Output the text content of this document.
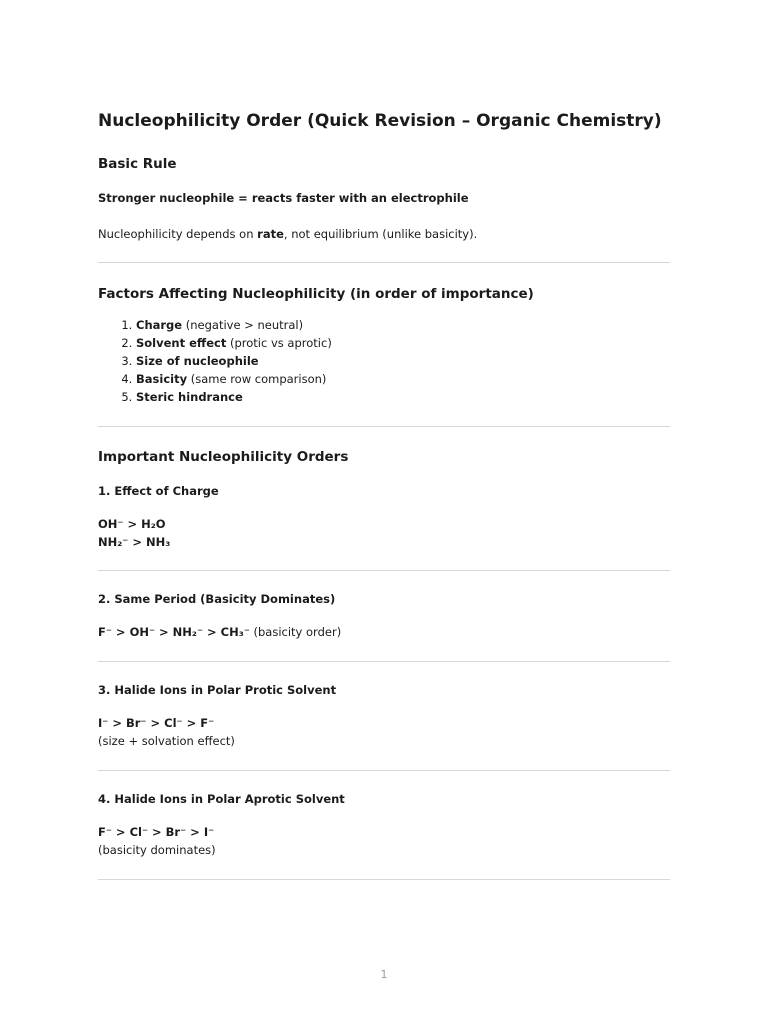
Nucleophilicity Order (Quick Revision – Organic Chemistry)
Basic Rule

Stronger nucleophile = reacts faster with an electrophile

Nucleophilicity depends on rate, not equilibrium (unlike basicity).

Factors Affecting Nucleophilicity (in order of importance)
1. Charge (negative > neutral)
2. Solvent effect (protic vs aprotic)
3. Size of nucleophile
4. Basicity (same row comparison)
5. Steric hindrance
Important Nucleophilicity Orders
1. Effect of Charge

OH⁻ > H₂O

NH₂⁻ > NH₃

2. Same Period (Basicity Dominates)

F⁻ > OH⁻ > NH₂⁻ > CH₃⁻ (basicity order)

3. Halide Ions in Polar Protic Solvent

I⁻ > Br⁻ > Cl⁻ > F⁻

(size + solvation effect)

4. Halide Ions in Polar Aprotic Solvent

F⁻ > Cl⁻ > Br⁻ > I⁻

(basicity dominates)

1
